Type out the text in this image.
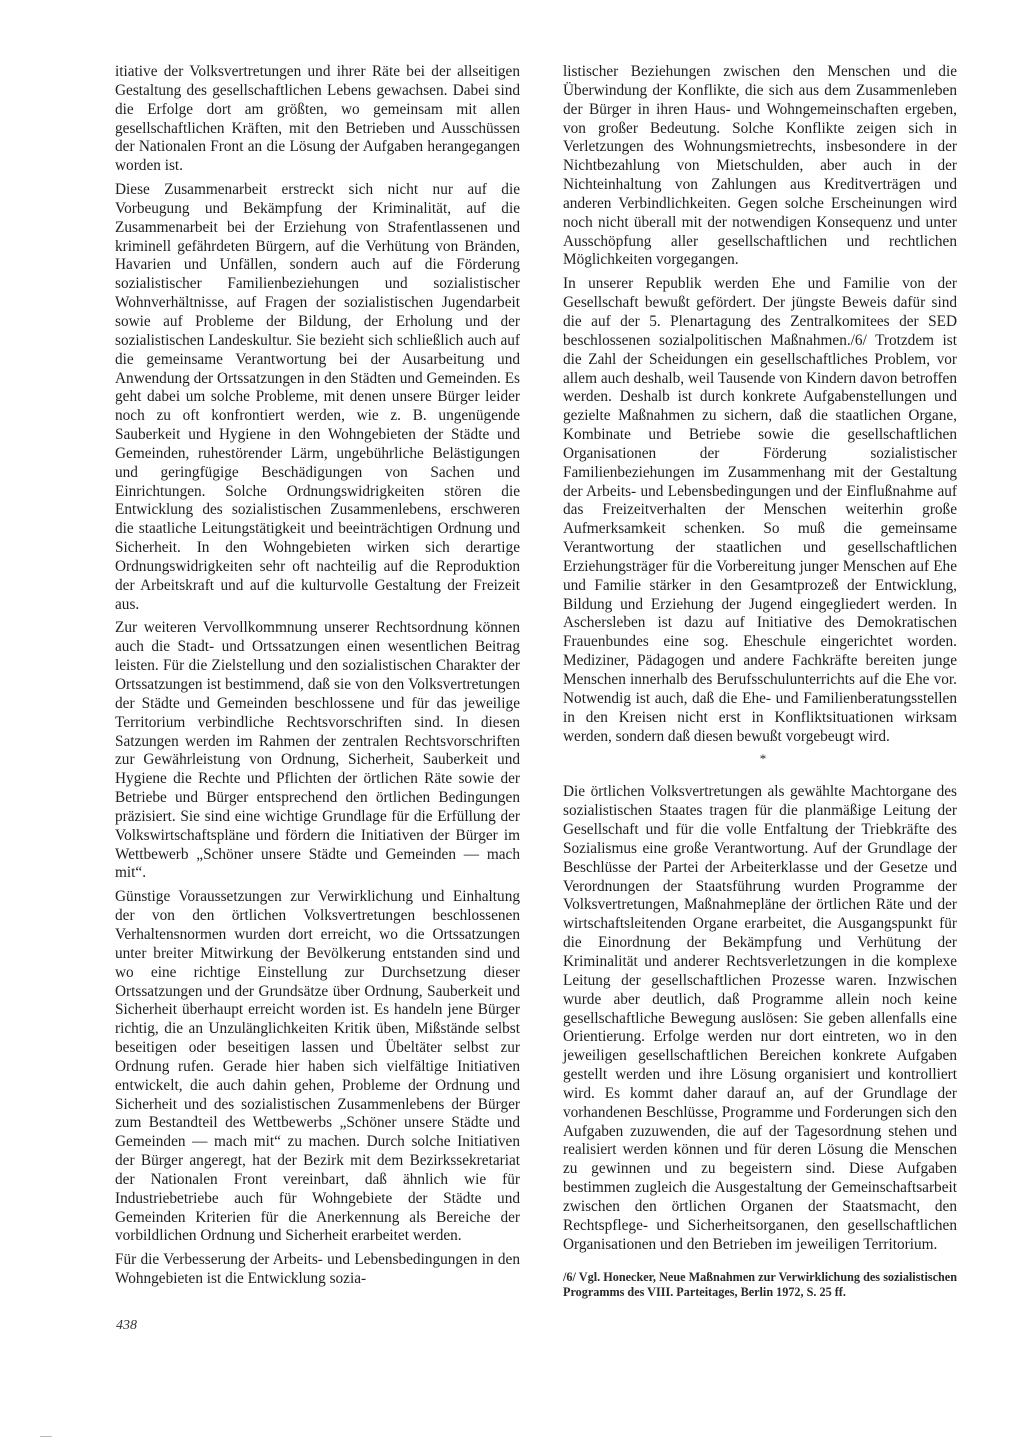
itiative der Volksvertretungen und ihrer Räte bei der allseitigen Gestaltung des gesellschaftlichen Lebens gewachsen. Dabei sind die Erfolge dort am größten, wo gemeinsam mit allen gesellschaftlichen Kräften, mit den Betrieben und Ausschüssen der Nationalen Front an die Lösung der Aufgaben herangegangen worden ist.

Diese Zusammenarbeit erstreckt sich nicht nur auf die Vorbeugung und Bekämpfung der Kriminalität, auf die Zusammenarbeit bei der Erziehung von Strafentlassenen und kriminell gefährdeten Bürgern, auf die Verhütung von Bränden, Havarien und Unfällen, sondern auch auf die Förderung sozialistischer Familienbeziehungen und sozialistischer Wohnverhältnisse, auf Fragen der sozialistischen Jugendarbeit sowie auf Probleme der Bildung, der Erholung und der sozialistischen Landeskultur. Sie bezieht sich schließlich auch auf die gemeinsame Verantwortung bei der Ausarbeitung und Anwendung der Ortssatzungen in den Städten und Gemeinden. Es geht dabei um solche Probleme, mit denen unsere Bürger leider noch zu oft konfrontiert werden, wie z. B. ungenügende Sauberkeit und Hygiene in den Wohngebieten der Städte und Gemeinden, ruhestörender Lärm, ungebührliche Belästigungen und geringfügige Beschädigungen von Sachen und Einrichtungen. Solche Ordnungswidrigkeiten stören die Entwicklung des sozialistischen Zusammenlebens, erschweren die staatliche Leitungstätigkeit und beeinträchtigen Ordnung und Sicherheit. In den Wohngebieten wirken sich derartige Ordnungswidrigkeiten sehr oft nachteilig auf die Reproduktion der Arbeitskraft und auf die kulturvolle Gestaltung der Freizeit aus.

Zur weiteren Vervollkommnung unserer Rechtsordnung können auch die Stadt- und Ortssatzungen einen wesentlichen Beitrag leisten. Für die Zielstellung und den sozialistischen Charakter der Ortssatzungen ist bestimmend, daß sie von den Volksvertretungen der Städte und Gemeinden beschlossene und für das jeweilige Territorium verbindliche Rechtsvorschriften sind. In diesen Satzungen werden im Rahmen der zentralen Rechtsvorschriften zur Gewährleistung von Ordnung, Sicherheit, Sauberkeit und Hygiene die Rechte und Pflichten der örtlichen Räte sowie der Betriebe und Bürger entsprechend den örtlichen Bedingungen präzisiert. Sie sind eine wichtige Grundlage für die Erfüllung der Volkswirtschaftspläne und fördern die Initiativen der Bürger im Wettbewerb „Schöner unsere Städte und Gemeinden — mach mit“.

Günstige Voraussetzungen zur Verwirklichung und Einhaltung der von den örtlichen Volksvertretungen beschlossenen Verhaltensnormen wurden dort erreicht, wo die Ortssatzungen unter breiter Mitwirkung der Bevölkerung entstanden sind und wo eine richtige Einstellung zur Durchsetzung dieser Ortssatzungen und der Grundsätze über Ordnung, Sauberkeit und Sicherheit überhaupt erreicht worden ist. Es handeln jene Bürger richtig, die an Unzulänglichkeiten Kritik üben, Mißstände selbst beseitigen oder beseitigen lassen und Übeltäter selbst zur Ordnung rufen. Gerade hier haben sich vielfältige Initiativen entwickelt, die auch dahin gehen, Probleme der Ordnung und Sicherheit und des sozialistischen Zusammenlebens der Bürger zum Bestandteil des Wettbewerbs „Schöner unsere Städte und Gemeinden — mach mit“ zu machen. Durch solche Initiativen der Bürger angeregt, hat der Bezirk mit dem Bezirkssekretariat der Nationalen Front vereinbart, daß ähnlich wie für Industriebetriebe auch für Wohngebiete der Städte und Gemeinden Kriterien für die Anerkennung als Bereiche der vorbildlichen Ordnung und Sicherheit erarbeitet werden.

Für die Verbesserung der Arbeits- und Lebensbedingungen in den Wohngebieten ist die Entwicklung sozia-

listischer Beziehungen zwischen den Menschen und die Überwindung der Konflikte, die sich aus dem Zusammenleben der Bürger in ihren Haus- und Wohngemeinschaften ergeben, von großer Bedeutung. Solche Konflikte zeigen sich in Verletzungen des Wohnungsmietrechts, insbesondere in der Nichtbezahlung von Mietschulden, aber auch in der Nichteinhaltung von Zahlungen aus Kreditverträgen und anderen Verbindlichkeiten. Gegen solche Erscheinungen wird noch nicht überall mit der notwendigen Konsequenz und unter Ausschöpfung aller gesellschaftlichen und rechtlichen Möglichkeiten vorgegangen.

In unserer Republik werden Ehe und Familie von der Gesellschaft bewußt gefördert. Der jüngste Beweis dafür sind die auf der 5. Plenartagung des Zentralkomitees der SED beschlossenen sozialpolitischen Maßnahmen./6/ Trotzdem ist die Zahl der Scheidungen ein gesellschaftliches Problem, vor allem auch deshalb, weil Tausende von Kindern davon betroffen werden. Deshalb ist durch konkrete Aufgabenstellungen und gezielte Maßnahmen zu sichern, daß die staatlichen Organe, Kombinate und Betriebe sowie die gesellschaftlichen Organisationen der Förderung sozialistischer Familienbeziehungen im Zusammenhang mit der Gestaltung der Arbeits- und Lebensbedingungen und der Einflußnahme auf das Freizeitverhalten der Menschen weiterhin große Aufmerksamkeit schenken. So muß die gemeinsame Verantwortung der staatlichen und gesellschaftlichen Erziehungsträger für die Vorbereitung junger Menschen auf Ehe und Familie stärker in den Gesamtprozeß der Entwicklung, Bildung und Erziehung der Jugend eingegliedert werden. In Aschersleben ist dazu auf Initiative des Demokratischen Frauenbundes eine sog. Eheschule eingerichtet worden. Mediziner, Pädagogen und andere Fachkräfte bereiten junge Menschen innerhalb des Berufsschulunterrichts auf die Ehe vor. Notwendig ist auch, daß die Ehe- und Familienberatungsstellen in den Kreisen nicht erst in Konfliktsituationen wirksam werden, sondern daß diesen bewußt vorgebeugt wird.

*

Die örtlichen Volksvertretungen als gewählte Machtorgane des sozialistischen Staates tragen für die planmäßige Leitung der Gesellschaft und für die volle Entfaltung der Triebkräfte des Sozialismus eine große Verantwortung. Auf der Grundlage der Beschlüsse der Partei der Arbeiterklasse und der Gesetze und Verordnungen der Staatsführung wurden Programme der Volksvertretungen, Maßnahmepläne der örtlichen Räte und der wirtschaftsleitenden Organe erarbeitet, die Ausgangspunkt für die Einordnung der Bekämpfung und Verhütung der Kriminalität und anderer Rechtsverletzungen in die komplexe Leitung der gesellschaftlichen Prozesse waren. Inzwischen wurde aber deutlich, daß Programme allein noch keine gesellschaftliche Bewegung auslösen: Sie geben allenfalls eine Orientierung. Erfolge werden nur dort eintreten, wo in den jeweiligen gesellschaftlichen Bereichen konkrete Aufgaben gestellt werden und ihre Lösung organisiert und kontrolliert wird. Es kommt daher darauf an, auf der Grundlage der vorhandenen Beschlüsse, Programme und Forderungen sich den Aufgaben zuzuwenden, die auf der Tagesordnung stehen und realisiert werden können und für deren Lösung die Menschen zu gewinnen und zu begeistern sind. Diese Aufgaben bestimmen zugleich die Ausgestaltung der Gemeinschaftsarbeit zwischen den örtlichen Organen der Staatsmacht, den Rechtspflege- und Sicherheitsorganen, den gesellschaftlichen Organisationen und den Betrieben im jeweiligen Territorium.

/6/ Vgl. Honecker, Neue Maßnahmen zur Verwirklichung des sozialistischen Programms des VIII. Parteitages, Berlin 1972, S. 25 ff.
438
